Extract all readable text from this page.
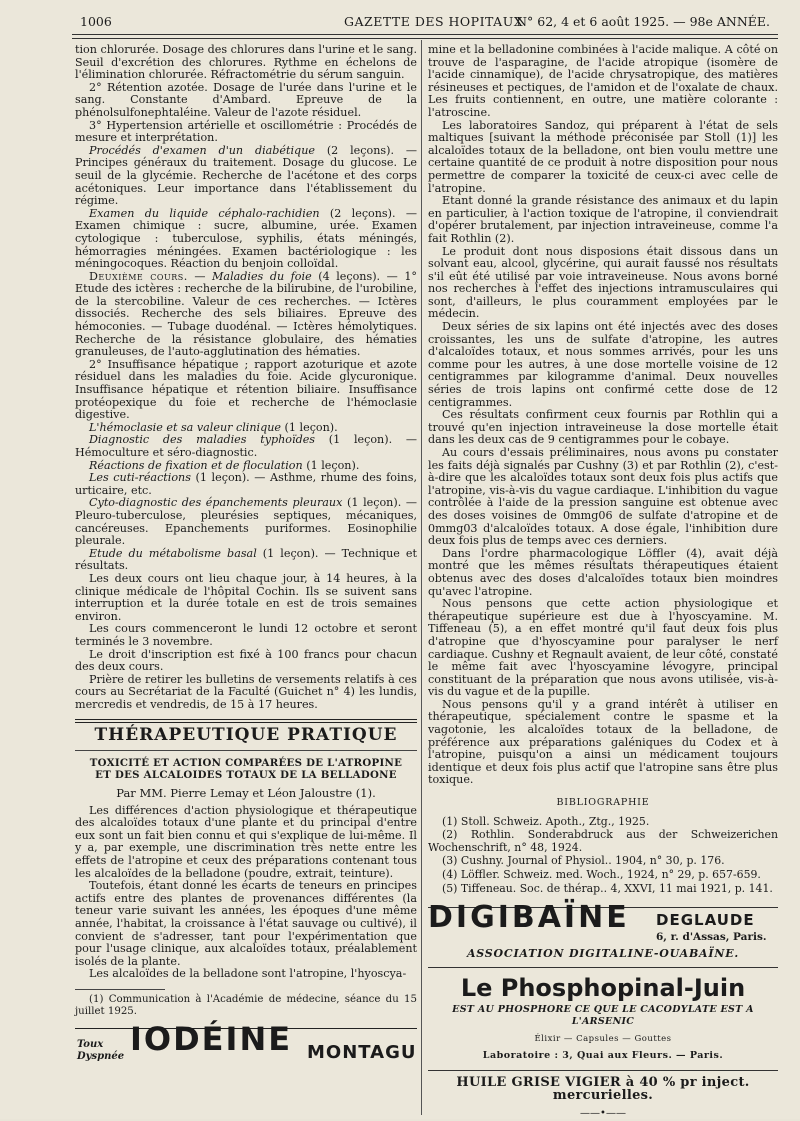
1006	GAZETTE DES HOPITAUX
N° 62, 4 et 6 août 1925. — 98e ANNÉE.

tion chlorurée. Dosage des chlorures dans l'urine et le sang. Seuil d'excrétion des chlorures. Rythme en échelons de l'élimination chlorurée. Réfractométrie du sérum sanguin.

2° Rétention azotée. Dosage de l'urée dans l'urine et le sang. Constante d'Ambard. Epreuve de la phénolsulfonephtaléine. Valeur de l'azote résiduel.

3° Hypertension artérielle et oscillométrie : Procédés de mesure et interprétation.

Procédés d'examen d'un diabétique (2 leçons). — Principes généraux du traitement. Dosage du glucose. Le seuil de la glycémie. Recherche de l'acétone et des corps acétoniques. Leur importance dans l'établissement du régime.

Examen du liquide céphalo-rachidien (2 leçons). — Examen chimique : sucre, albumine, urée. Examen cytologique : tuberculose, syphilis, états méningés, hémorragies méningées. Examen bactériologique : les méningocoques. Réaction du benjoin colloïdal.

Deuxième cours. — Maladies du foie (4 leçons). — 1° Etude des ictères : recherche de la bilirubine, de l'urobiline, de la stercobiline. Valeur de ces recherches. — Ictères dissociés. Recherche des sels biliaires. Epreuve des hémoconies. — Tubage duodénal. — Ictères hémolytiques. Recherche de la résistance globulaire, des hématies granuleuses, de l'auto-agglutination des hématies.

2° Insuffisance hépatique ; rapport azoturique et azote résiduel dans les maladies du foie. Acide glycuronique. Insuffisance hépatique et rétention biliaire. Insuffisance protéopexique du foie et recherche de l'hémoclasie digestive.

L'hémoclasie et sa valeur clinique (1 leçon).

Diagnostic des maladies typhoïdes (1 leçon). — Hémoculture et séro-diagnostic.

Réactions de fixation et de floculation (1 leçon).

Les cuti-réactions (1 leçon). — Asthme, rhume des foins, urticaire, etc.

Cyto-diagnostic des épanchements pleuraux (1 leçon). — Pleuro-tuberculose, pleurésies septiques, mécaniques, cancéreuses. Epanchements puriformes. Eosinophilie pleurale.

Etude du métabolisme basal (1 leçon). — Technique et résultats.

Les deux cours ont lieu chaque jour, à 14 heures, à la clinique médicale de l'hôpital Cochin. Ils se suivent sans interruption et la durée totale en est de trois semaines environ.

Les cours commenceront le lundi 12 octobre et seront terminés le 3 novembre.

Le droit d'inscription est fixé à 100 francs pour chacun des deux cours.

Prière de retirer les bulletins de versements relatifs à ces cours au Secrétariat de la Faculté (Guichet n° 4) les lundis, mercredis et vendredis, de 15 à 17 heures.

THÉRAPEUTIQUE PRATIQUE
TOXICITÉ ET ACTION COMPARÉES DE L'ATROPINE
ET DES ALCALOIDES TOTAUX DE LA BELLADONE
Par MM. Pierre Lemay et Léon Jaloustre (1).

Les différences d'action physiologique et thérapeutique des alcaloïdes totaux d'une plante et du principal d'entre eux sont un fait bien connu et qui s'explique de lui-même. Il y a, par exemple, une discrimination très nette entre les effets de l'atropine et ceux des préparations contenant tous les alcaloïdes de la belladone (poudre, extrait, teinture).

Toutefois, étant donné les écarts de teneurs en principes actifs entre des plantes de provenances différentes (la teneur varie suivant les années, les époques d'une même année, l'habitat, la croissance à l'état sauvage ou cultivé), il convient de s'adresser, tant pour l'expérimentation que pour l'usage clinique, aux alcaloïdes totaux, préalablement isolés de la plante.

Les alcaloïdes de la belladone sont l'atropine, l'hyoscya-

(1) Communication à l'Académie de médecine, séance du 15 juillet 1925.

Toux
Dyspnée IODÉINE MONTAGU

mine et la belladonine combinées à l'acide malique. A côté on trouve de l'asparagine, de l'acide atropique (isomère de l'acide cinnamique), de l'acide chrysatropique, des matières résineuses et pectiques, de l'amidon et de l'oxalate de chaux. Les fruits contiennent, en outre, une matière colorante : l'atroscine.

Les laboratoires Sandoz, qui préparent à l'état de sels maltiques [suivant la méthode préconisée par Stoll (1)] les alcaloïdes totaux de la belladone, ont bien voulu mettre une certaine quantité de ce produit à notre disposition pour nous permettre de comparer la toxicité de ceux-ci avec celle de l'atropine.

Etant donné la grande résistance des animaux et du lapin en particulier, à l'action toxique de l'atropine, il conviendrait d'opérer brutalement, par injection intraveineuse, comme l'a fait Rothlin (2).

Le produit dont nous disposions était dissous dans un solvant eau, alcool, glycérine, qui aurait faussé nos résultats s'il eût été utilisé par voie intraveineuse. Nous avons borné nos recherches à l'effet des injections intramusculaires qui sont, d'ailleurs, le plus couramment employées par le médecin.

Deux séries de six lapins ont été injectés avec des doses croissantes, les uns de sulfate d'atropine, les autres d'alcaloïdes totaux, et nous sommes arrivés, pour les uns comme pour les autres, à une dose mortelle voisine de 12 centigrammes par kilogramme d'animal. Deux nouvelles séries de trois lapins ont confirmé cette dose de 12 centigrammes.

Ces résultats confirment ceux fournis par Rothlin qui a trouvé qu'en injection intraveineuse la dose mortelle était dans les deux cas de 9 centigrammes pour le cobaye.

Au cours d'essais préliminaires, nous avons pu constater les faits déjà signalés par Cushny (3) et par Rothlin (2), c'est-à-dire que les alcaloïdes totaux sont deux fois plus actifs que l'atropine, vis-à-vis du vague cardiaque. L'inhibition du vague contrôlée à l'aide de la pression sanguine est obtenue avec des doses voisines de 0mmg06 de sulfate d'atropine et de 0mmg03 d'alcaloïdes totaux. A dose égale, l'inhibition dure deux fois plus de temps avec ces derniers.

Dans l'ordre pharmacologique Löffler (4), avait déjà montré que les mêmes résultats thérapeutiques étaient obtenus avec des doses d'alcaloïdes totaux bien moindres qu'avec l'atropine.

Nous pensons que cette action physiologique et thérapeutique supérieure est due à l'hyoscyamine. M. Tiffeneau (5), a en effet montré qu'il faut deux fois plus d'atropine que d'hyoscyamine pour paralyser le nerf cardiaque. Cushny et Regnault avaient, de leur côté, constaté le même fait avec l'hyoscyamine lévogyre, principal constituant de la préparation que nous avons utilisée, vis-à-vis du vague et de la pupille.

Nous pensons qu'il y a grand intérêt à utiliser en thérapeutique, spécialement contre le spasme et la vagotonie, les alcaloïdes totaux de la belladone, de préférence aux préparations galéniques du Codex et à l'atropine, puisqu'on a ainsi un médicament toujours identique et deux fois plus actif que l'atropine sans être plus toxique.

BIBLIOGRAPHIE

(1) Stoll. Schweiz. Apoth., Ztg., 1925.

(2) Rothlin. Sonderabdruck aus der Schweizerichen Wochenschrift, n° 48, 1924.

(3) Cushny. Journal of Physiol.. 1904, n° 30, p. 176.

(4) Löffler. Schweiz. med. Woch., 1924, n° 29, p. 657-659.

(5) Tiffeneau. Soc. de thérap.. 4, XXVI, 11 mai 1921, p. 141.

DIGIBAÏNE DEGLAUDE
6, r. d'Assas, Paris.
ASSOCIATION DIGITALINE-OUABAÏNE.
Le Phosphopinal-Juin
EST AU PHOSPHORE CE QUE LE CACODYLATE EST A L'ARSENIC
Élixir — Capsules — Gouttes
Laboratoire : 3, Quai aux Fleurs. — Paris.
HUILE GRISE VIGIER à 40 % pr inject. mercurielles.
——•——
